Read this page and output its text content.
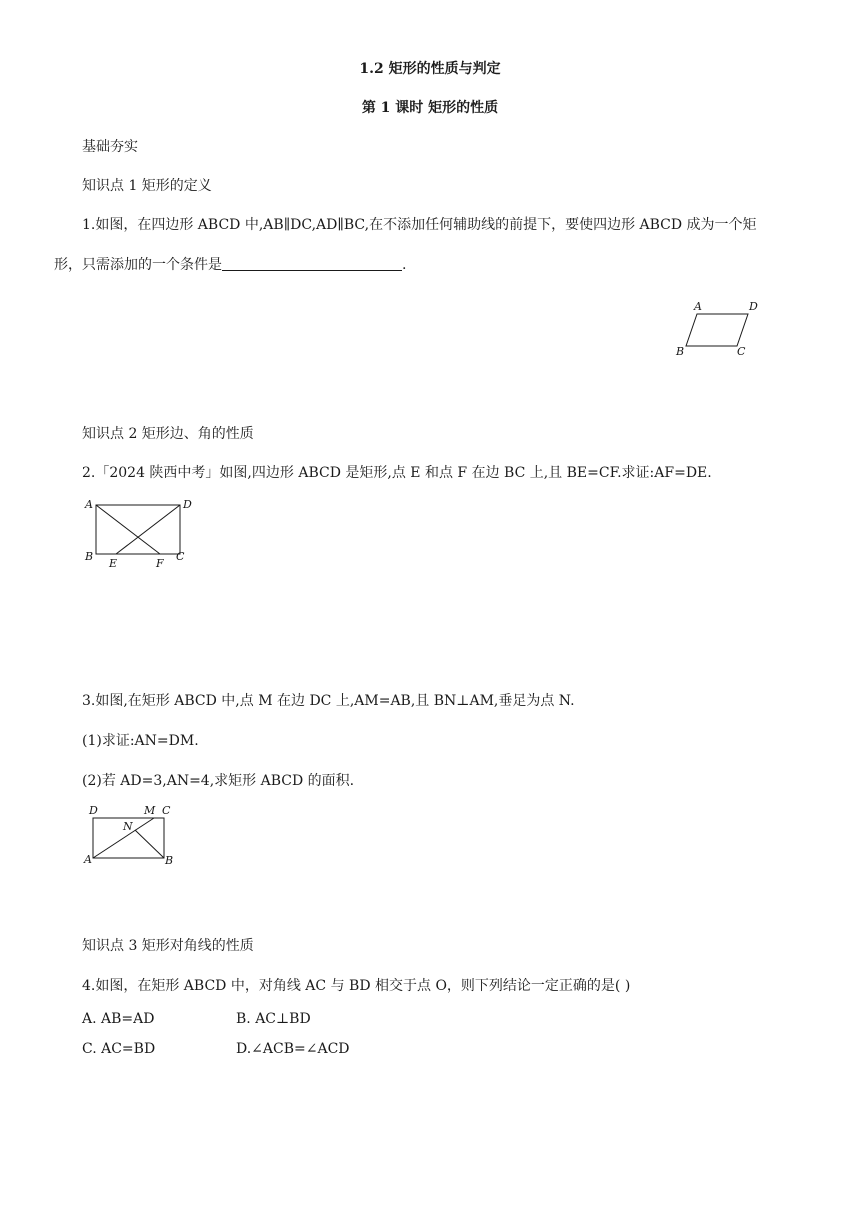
1.2 矩形的性质与判定
第 1 课时 矩形的性质
基础夯实
知识点 1 矩形的定义
1.如图，在四边形 ABCD 中,AB∥DC,AD∥BC,在不添加任何辅助线的前提下，要使四边形 ABCD 成为一个矩
形，只需添加的一个条件是	.
A	D
B	C
知识点 2 矩形边、角的性质
2.「2024 陕西中考」如图,四边形 ABCD 是矩形,点 E 和点 F 在边 BC 上,且 BE=CF.求证:AF=DE.
A	D
B
E	F
C
3.如图,在矩形 ABCD 中,点 M 在边 DC 上,AM=AB,且 BN⊥AM,垂足为点 N.
(1)求证:AN=DM.
(2)若 AD=3,AN=4,求矩形 ABCD 的面积.
D	M C
N
A	B
知识点 3 矩形对角线的性质
4.如图，在矩形 ABCD 中，对角线 AC 与 BD 相交于点 O，则下列结论一定正确的是( )
A. AB=AD	B. AC⊥BD
C. AC=BD	D.∠ACB=∠ACD
